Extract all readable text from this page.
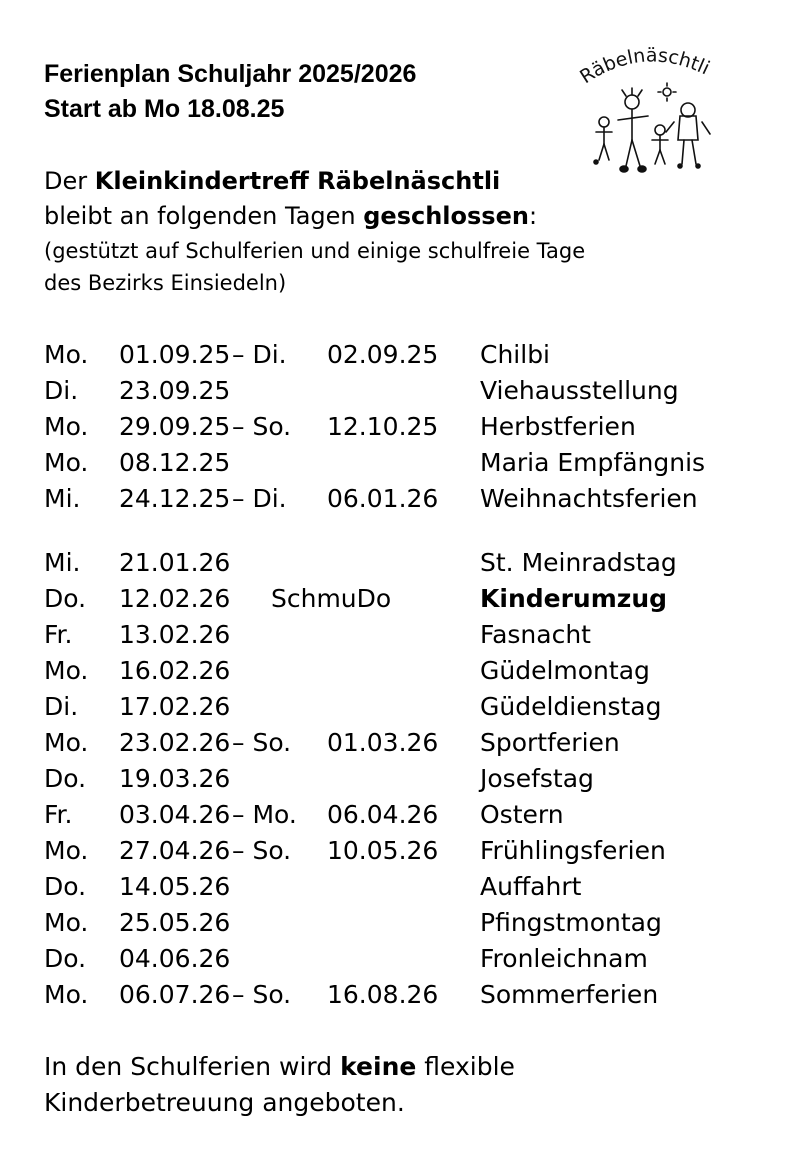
Ferienplan Schuljahr 2025/2026
Start ab Mo 18.08.25
Räbelnäschtli
Der Kleinkindertreff Räbelnäschtli
bleibt an folgenden Tagen geschlossen:
(gestützt auf Schulferien und einige schulfreie Tage
des Bezirks Einsiedeln)
Mo. 01.09.25 – Di. 02.09.25 Chilbi
Di. 23.09.25	Viehausstellung
Mo. 29.09.25 – So. 12.10.25 Herbstferien
Mo. 08.12.25	Maria Empfängnis
Mi. 24.12.25 – Di. 06.01.26 Weihnachtsferien
Mi. 21.01.26	St. Meinradstag
Do. 12.02.26 SchmuDo	Kinderumzug
Fr. 13.02.26	Fasnacht
Mo. 16.02.26	Güdelmontag
Di. 17.02.26	Güdeldienstag
Mo. 23.02.26 – So. 01.03.26 Sportferien
Do. 19.03.26	Josefstag
Fr. 03.04.26 – Mo. 06.04.26 Ostern
Mo. 27.04.26 – So. 10.05.26 Frühlingsferien
Do. 14.05.26	Auffahrt
Mo. 25.05.26	Pfingstmontag
Do. 04.06.26	Fronleichnam
Mo. 06.07.26 – So. 16.08.26 Sommerferien
In den Schulferien wird keine flexible
Kinderbetreuung angeboten.
